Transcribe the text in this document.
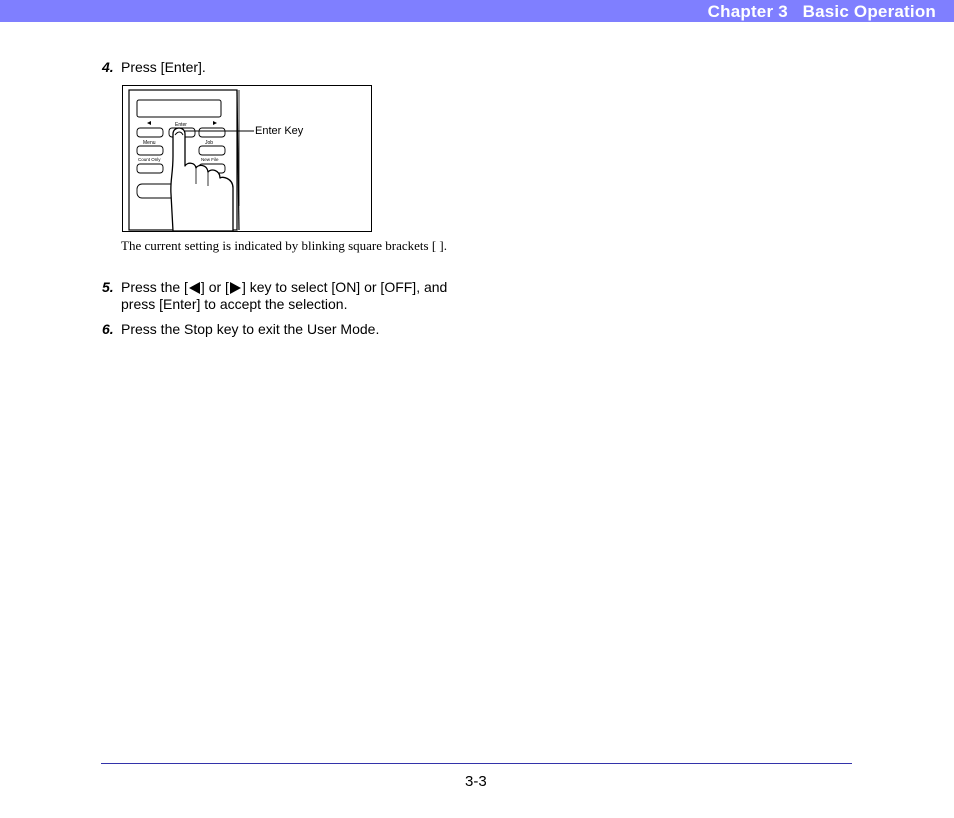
Chapter 3   Basic Operation
4. Press [Enter].
Enter
Menu	Job
Count Only	New File
Enter Key
The current setting is indicated by blinking square brackets [ ].
5. Press the [ ] or [ ] key to select [ON] or [OFF], and
press [Enter] to accept the selection.
6. Press the Stop key to exit the User Mode.
3-3
